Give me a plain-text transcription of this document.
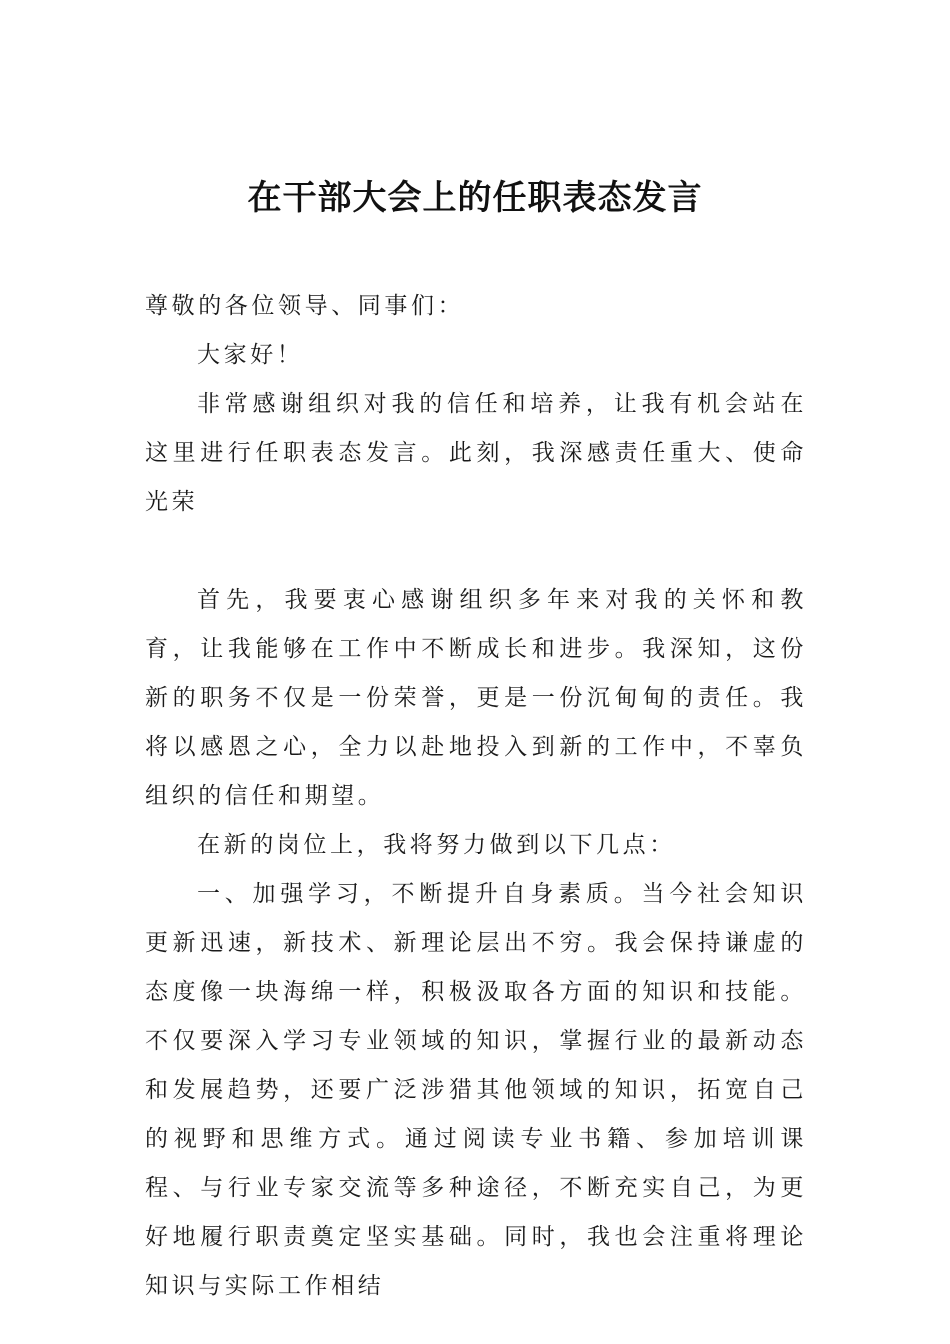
在干部大会上的任职表态发言

尊敬的各位领导、同事们：

大家好！

非常感谢组织对我的信任和培养，让我有机会站在这里进行任职表态发言。此刻，我深感责任重大、使命光荣

首先，我要衷心感谢组织多年来对我的关怀和教育，让我能够在工作中不断成长和进步。我深知，这份新的职务不仅是一份荣誉，更是一份沉甸甸的责任。我将以感恩之心，全力以赴地投入到新的工作中，不辜负组织的信任和期望。

在新的岗位上，我将努力做到以下几点：

一、加强学习，不断提升自身素质。当今社会知识更新迅速，新技术、新理论层出不穷。我会保持谦虚的态度像一块海绵一样，积极汲取各方面的知识和技能。不仅要深入学习专业领域的知识，掌握行业的最新动态和发展趋势，还要广泛涉猎其他领域的知识，拓宽自己的视野和思维方式。通过阅读专业书籍、参加培训课程、与行业专家交流等多种途径，不断充实自己，为更好地履行职责奠定坚实基础。同时，我也会注重将理论知识与实际工作相结
